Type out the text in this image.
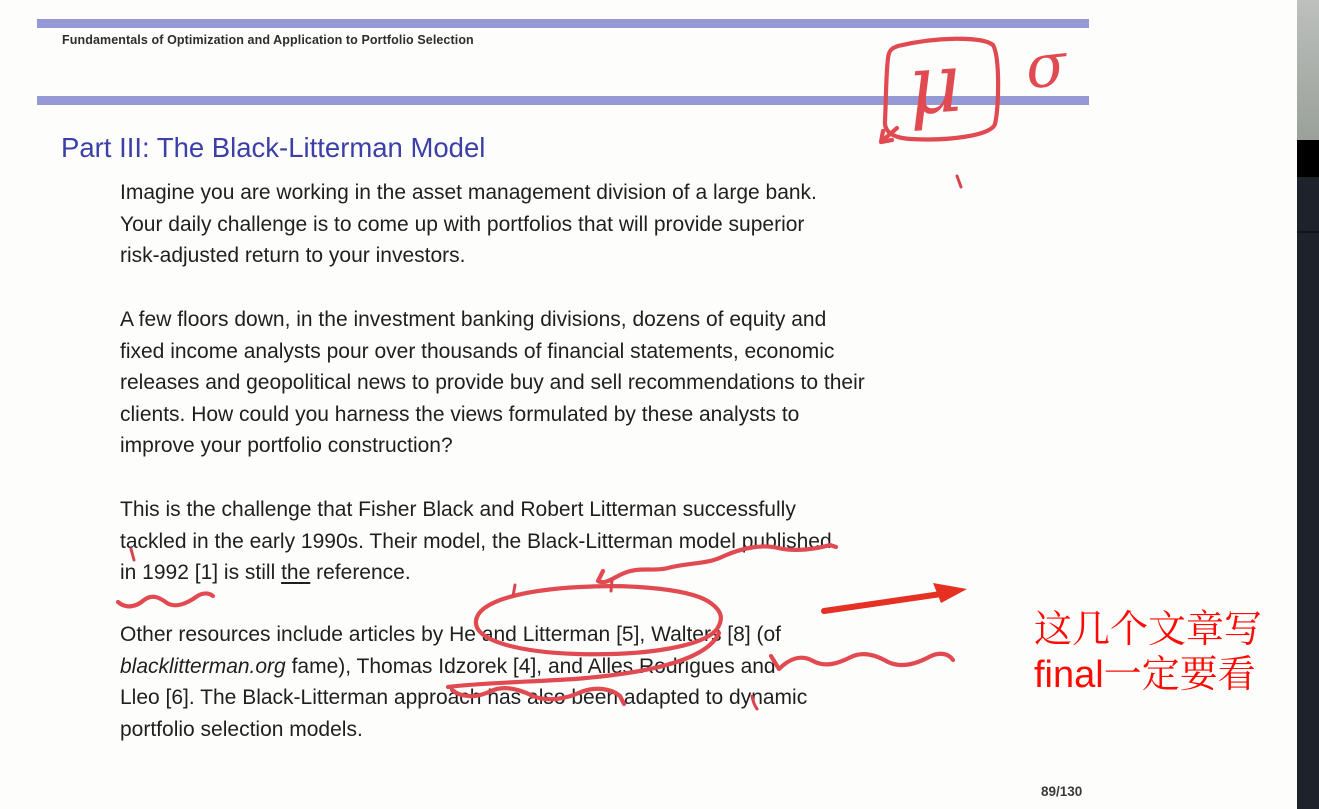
Fundamentals of Optimization and Application to Portfolio Selection
Part III: The Black-Litterman Model
Imagine you are working in the asset management division of a large bank.
Your daily challenge is to come up with portfolios that will provide superior
risk-adjusted return to your investors.
A few floors down, in the investment banking divisions, dozens of equity and
fixed income analysts pour over thousands of financial statements, economic
releases and geopolitical news to provide buy and sell recommendations to their
clients. How could you harness the views formulated by these analysts to
improve your portfolio construction?
This is the challenge that Fisher Black and Robert Litterman successfully
tackled in the early 1990s. Their model, the Black-Litterman model published
in 1992 [1] is still the reference.
Other resources include articles by He and Litterman [5], Walters [8] (of
blacklitterman.org fame), Thomas Idzorek [4], and Alles Rodrigues and
Lleo [6]. The Black-Litterman approach has also been adapted to dynamic
portfolio selection models.
89/130
这几个文章写
final一定要看
μ σ
